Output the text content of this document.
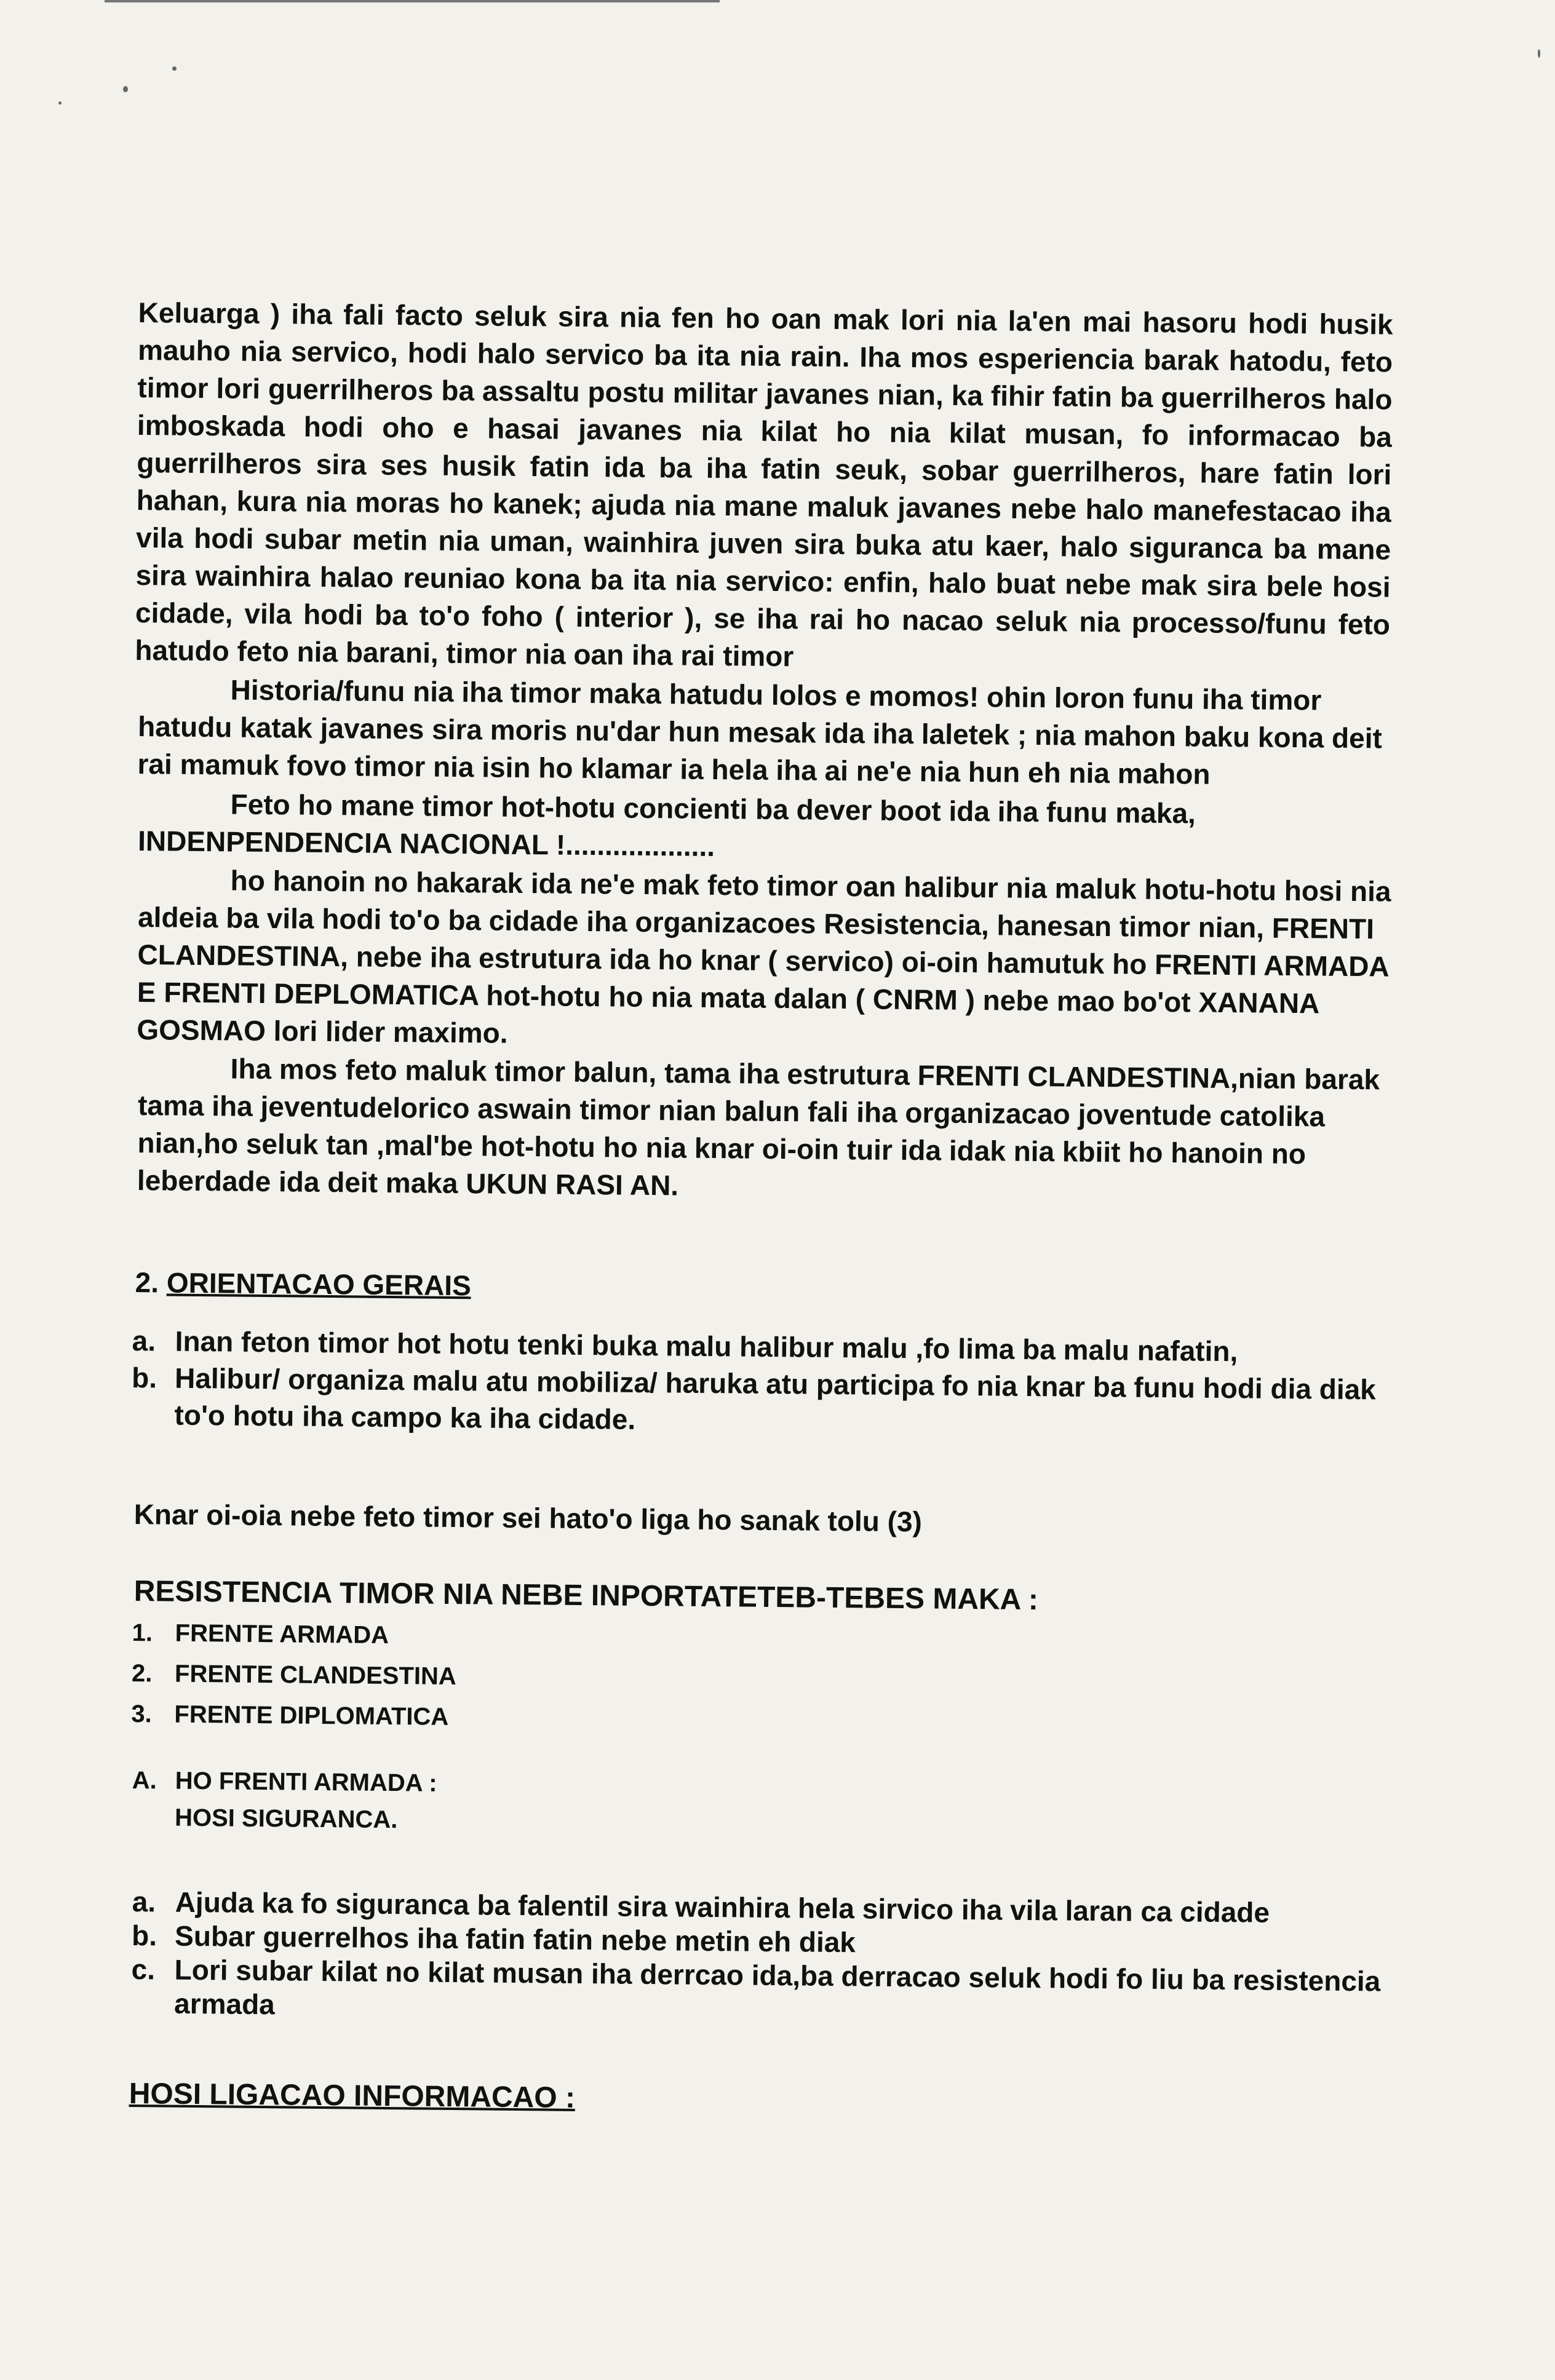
Keluarga ) iha fali facto seluk sira nia fen ho oan mak lori nia la'en mai hasoru hodi husik mauho nia servico, hodi halo servico ba ita nia rain. Iha mos esperiencia barak hatodu, feto timor lori guerrilheros ba assaltu postu militar javanes nian, ka fihir fatin ba guerrilheros halo imboskada hodi oho e hasai javanes nia kilat ho nia kilat musan, fo informacao ba guerrilheros sira ses husik fatin ida ba iha fatin seuk, sobar guerrilheros, hare fatin lori hahan, kura nia moras ho kanek; ajuda nia mane maluk javanes nebe halo manefestacao iha vila hodi subar metin nia uman, wainhira juven sira buka atu kaer, halo siguranca ba mane sira wainhira halao reuniao kona ba ita nia servico: enfin, halo buat nebe mak sira bele hosi cidade, vila hodi ba to'o foho ( interior ), se iha rai ho nacao seluk nia processo/funu feto hatudo feto nia barani, timor nia oan iha rai timor
Historia/funu nia iha timor maka hatudu lolos e momos! ohin loron funu iha timor hatudu katak javanes sira moris nu'dar hun mesak ida iha laletek ; nia mahon baku kona deit rai mamuk fovo timor nia isin ho klamar ia hela iha ai ne'e nia hun eh nia mahon
Feto ho mane timor hot-hotu concienti ba dever boot ida iha funu maka, INDENPENDENCIA NACIONAL !...................
ho hanoin no hakarak ida ne'e mak feto timor oan halibur nia maluk hotu-hotu hosi nia aldeia ba vila hodi to'o ba cidade iha organizacoes Resistencia, hanesan timor nian, FRENTI CLANDESTINA, nebe iha estrutura ida ho knar ( servico) oi-oin hamutuk ho FRENTI ARMADA E FRENTI DEPLOMATICA hot-hotu ho nia mata dalan ( CNRM ) nebe mao bo'ot XANANA GOSMAO lori lider maximo.
Iha mos feto maluk timor balun, tama iha estrutura FRENTI CLANDESTINA,nian barak tama iha jeventudelorico aswain timor nian balun fali iha organizacao joventude catolika nian,ho seluk tan ,mal'be hot-hotu ho nia knar oi-oin tuir ida idak nia kbiit ho hanoin no leberdade ida deit maka UKUN RASI AN.
2. ORIENTACAO GERAIS
a. Inan feton timor hot hotu tenki buka malu halibur malu ,fo lima ba malu nafatin,
b. Halibur/ organiza malu atu mobiliza/ haruka atu participa fo nia knar ba funu hodi dia diak to'o hotu iha campo ka iha cidade.
Knar oi-oia nebe feto timor sei hato'o liga ho sanak tolu (3)
RESISTENCIA TIMOR NIA NEBE INPORTATETEB-TEBES MAKA :
1. FRENTE ARMADA
2. FRENTE CLANDESTINA
3. FRENTE DIPLOMATICA
A. HO FRENTI ARMADA :
HOSI SIGURANCA.
a. Ajuda ka fo siguranca ba falentil sira wainhira hela sirvico iha vila laran ca cidade
b. Subar guerrelhos iha fatin fatin nebe metin eh diak
c. Lori subar kilat no kilat musan iha derrcao ida,ba derracao seluk hodi fo liu ba resistencia armada
HOSI LIGACAO INFORMACAO :
